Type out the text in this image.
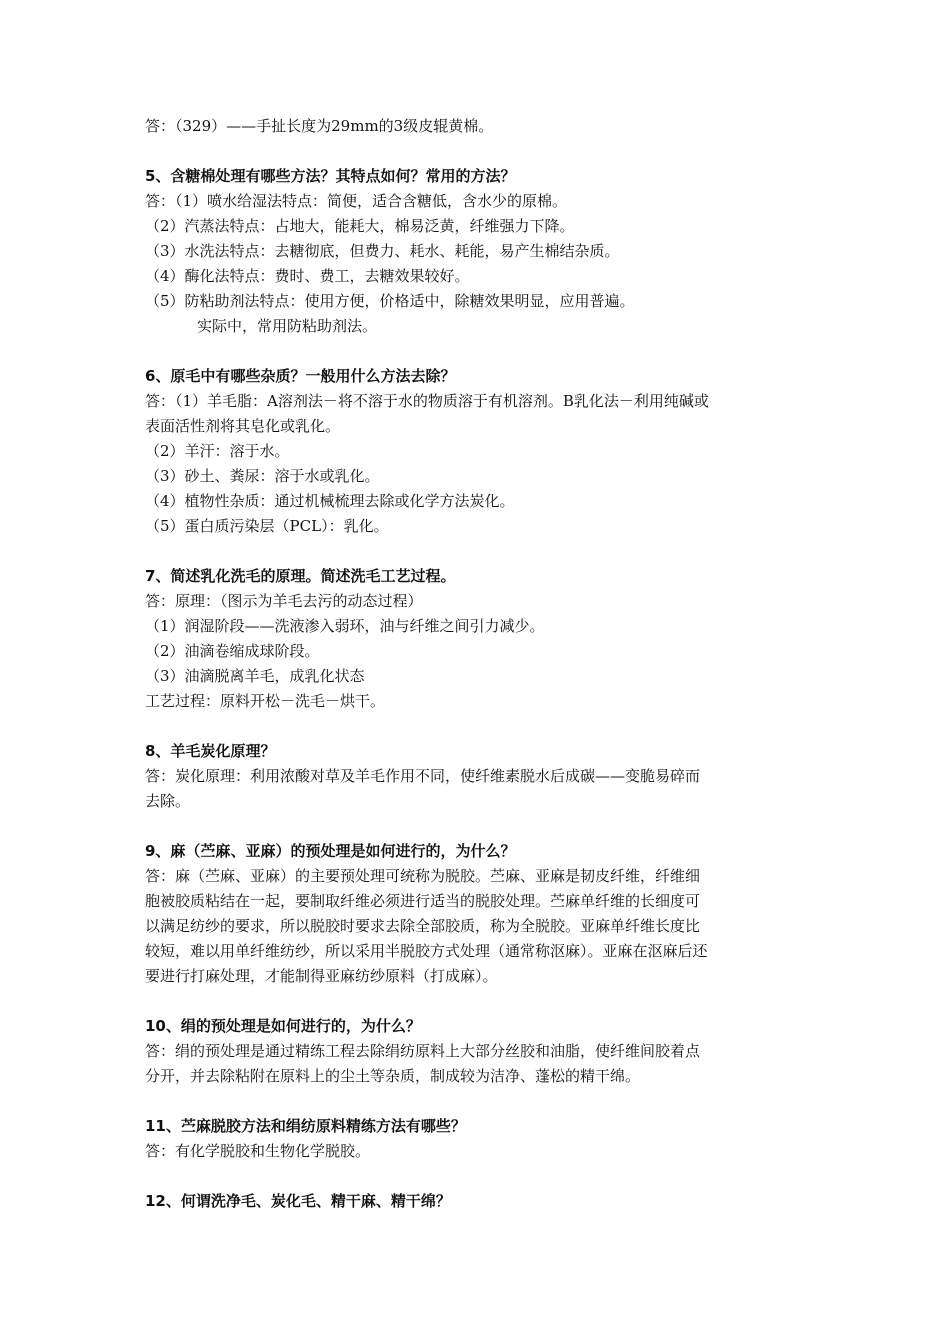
答：（329）——手扯长度为29mm的3级皮辊黄棉。
5、含糖棉处理有哪些方法？其特点如何？常用的方法？

答：（1）喷水给湿法特点：简便，适合含糖低，含水少的原棉。

（2）汽蒸法特点：占地大，能耗大，棉易泛黄，纤维强力下降。

（3）水洗法特点：去糖彻底，但费力、耗水、耗能，易产生棉结杂质。

（4）酶化法特点：费时、费工，去糖效果较好。

（5）防粘助剂法特点：使用方便，价格适中，除糖效果明显，应用普遍。

实际中，常用防粘助剂法。

6、原毛中有哪些杂质？一般用什么方法去除？

答：（1）羊毛脂：A溶剂法－将不溶于水的物质溶于有机溶剂。B乳化法－利用纯碱或

表面活性剂将其皂化或乳化。

（2）羊汗：溶于水。

（3）砂土、粪尿：溶于水或乳化。

（4）植物性杂质：通过机械梳理去除或化学方法炭化。

（5）蛋白质污染层（PCL）：乳化。

7、简述乳化洗毛的原理。简述洗毛工艺过程。

答：原理：（图示为羊毛去污的动态过程）

（1）润湿阶段——洗液渗入弱环，油与纤维之间引力减少。

（2）油滴卷缩成球阶段。

（3）油滴脱离羊毛，成乳化状态

工艺过程：原料开松－洗毛－烘干。

8、羊毛炭化原理？

答：炭化原理：利用浓酸对草及羊毛作用不同，使纤维素脱水后成碳——变脆易碎而

去除。

9、麻（苎麻、亚麻）的预处理是如何进行的，为什么？

答：麻（苎麻、亚麻）的主要预处理可统称为脱胶。苎麻、亚麻是韧皮纤维，纤维细

胞被胶质粘结在一起，要制取纤维必须进行适当的脱胶处理。苎麻单纤维的长细度可

以满足纺纱的要求，所以脱胶时要求去除全部胶质，称为全脱胶。亚麻单纤维长度比

较短，难以用单纤维纺纱，所以采用半脱胶方式处理（通常称沤麻）。亚麻在沤麻后还

要进行打麻处理，才能制得亚麻纺纱原料（打成麻）。

10、绢的预处理是如何进行的，为什么？

答：绢的预处理是通过精练工程去除绢纺原料上大部分丝胶和油脂，使纤维间胶着点

分开，并去除粘附在原料上的尘土等杂质，制成较为洁净、蓬松的精干绵。

11、苎麻脱胶方法和绢纺原料精练方法有哪些？

答：有化学脱胶和生物化学脱胶。

12、何谓洗净毛、炭化毛、精干麻、精干绵？
